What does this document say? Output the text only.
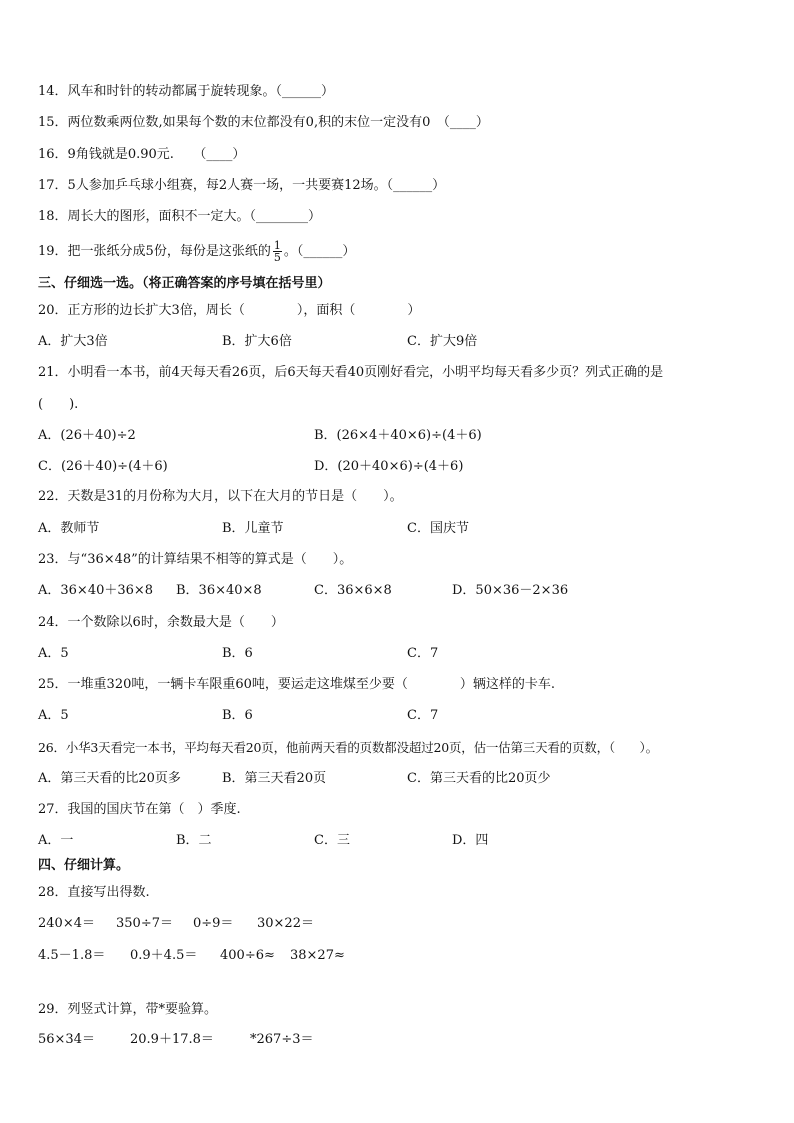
14．风车和时针的转动都属于旋转现象。（______）
15．两位数乘两位数,如果每个数的末位都没有0,积的末位一定没有0　（____）
16．9角钱就是0.90元.　　（____）
17．5人参加乒乓球小组赛，每2人赛一场，一共要赛12场。（______）
18．周长大的图形，面积不一定大。（________）
19．把一张纸分成5份，每份是这张纸的 $\frac{1}{5}$ 。（______）
三、仔细选一选。（将正确答案的序号填在括号里）
20．正方形的边长扩大3倍，周长（　　　　），面积（　　　　）
A．扩大3倍	B．扩大6倍	C．扩大9倍
21．小明看一本书，前4天每天看26页，后6天每天看40页刚好看完，小明平均每天看多少页？列式正确的是
(　　).
A．(26＋40)÷2	B．(26×4＋40×6)÷(4＋6)
C．(26＋40)÷(4＋6)	D．(20＋40×6)÷(4＋6)
22．天数是31的月份称为大月，以下在大月的节日是（　　）。
A．教师节	B．儿童节	C．国庆节
23．与“36×48”的计算结果不相等的算式是（　　）。
A．36×40＋36×8 B．36×40×8	C．36×6×8	D．50×36－2×36
24．一个数除以6时，余数最大是（　　）
A．5	B．6	C．7
25．一堆重320吨，一辆卡车限重60吨，要运走这堆煤至少要（　　　　）辆这样的卡车.
A．5	B．6	C．7
26．小华3天看完一本书，平均每天看20页，他前两天看的页数都没超过20页，估一估第三天看的页数，（　　）。
A．第三天看的比20页多	B．第三天看20页	C．第三天看的比20页少
27．我国的国庆节在第（　）季度.
A．一	B．二	C．三	D．四
四、仔细计算。
28．直接写出得数.
240×4＝ 350÷7＝ 0÷9＝ 30×22＝
4.5－1.8＝ 0.9＋4.5＝ 400÷6≈ 38×27≈
29．列竖式计算，带*要验算。
56×34＝	20.9＋17.8＝	*267÷3＝
